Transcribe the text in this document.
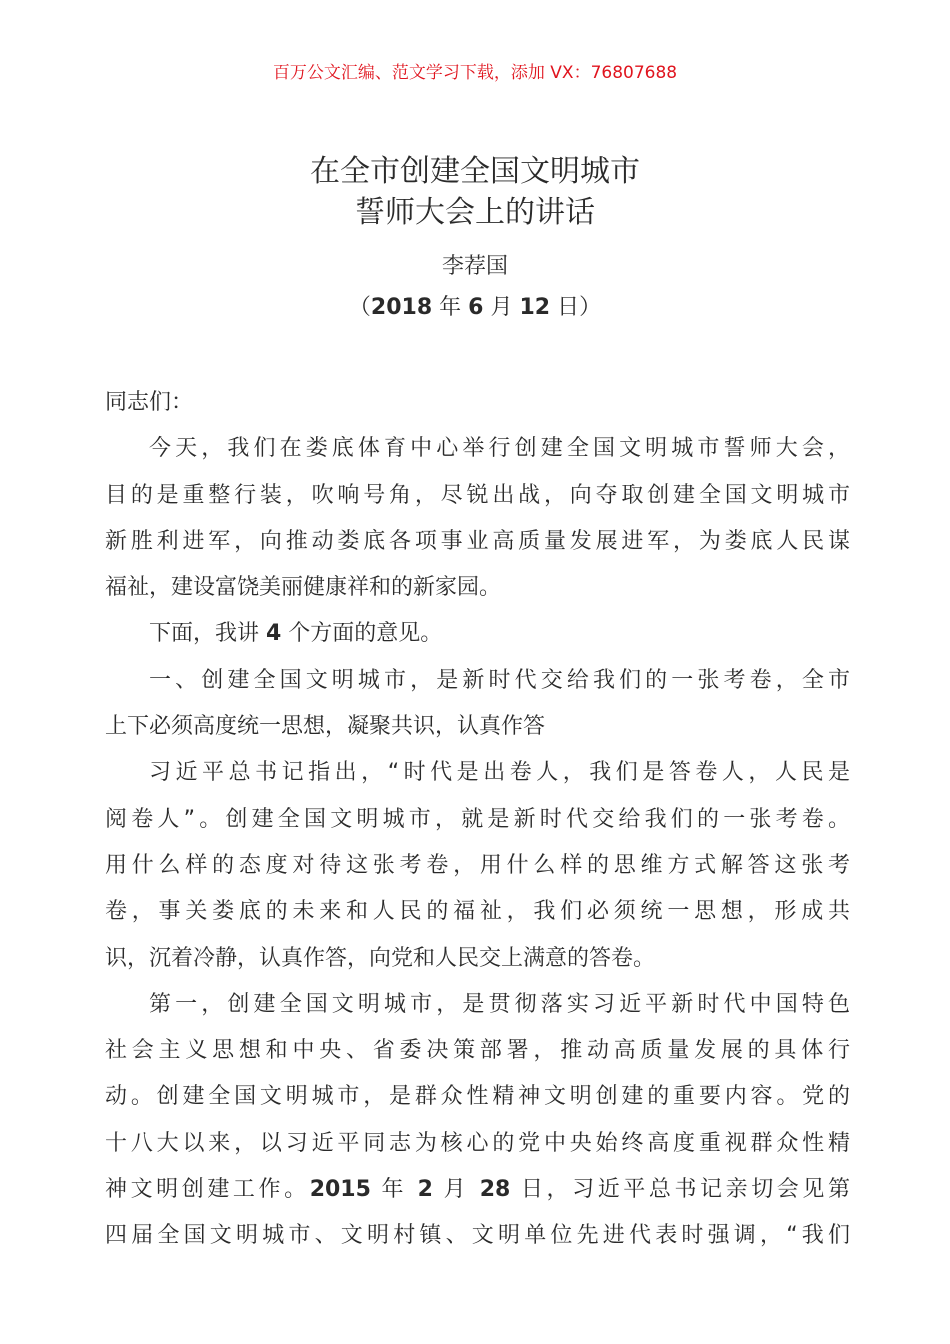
百万公文汇编、范文学习下载，添加 VX：76807688
在全市创建全国文明城市
誓师大会上的讲话
李荐国
（2018 年 6 月 12 日）
同志们：
今天，我们在娄底体育中心举行创建全国文明城市誓师大会，
目的是重整行装，吹响号角，尽锐出战，向夺取创建全国文明城市
新胜利进军，向推动娄底各项事业高质量发展进军，为娄底人民谋
福祉，建设富饶美丽健康祥和的新家园。
下面，我讲 4 个方面的意见。
一、创建全国文明城市，是新时代交给我们的一张考卷，全市
上下必须高度统一思想，凝聚共识，认真作答
习近平总书记指出，“时代是出卷人，我们是答卷人，人民是
阅卷人”。创建全国文明城市，就是新时代交给我们的一张考卷。
用什么样的态度对待这张考卷，用什么样的思维方式解答这张考
卷，事关娄底的未来和人民的福祉，我们必须统一思想，形成共
识，沉着冷静，认真作答，向党和人民交上满意的答卷。
第一，创建全国文明城市，是贯彻落实习近平新时代中国特色
社会主义思想和中央、省委决策部署，推动高质量发展的具体行
动。创建全国文明城市，是群众性精神文明创建的重要内容。党的
十八大以来，以习近平同志为核心的党中央始终高度重视群众性精
神文明创建工作。2015 年 2 月 28 日，习近平总书记亲切会见第
四届全国文明城市、文明村镇、文明单位先进代表时强调，“我们
